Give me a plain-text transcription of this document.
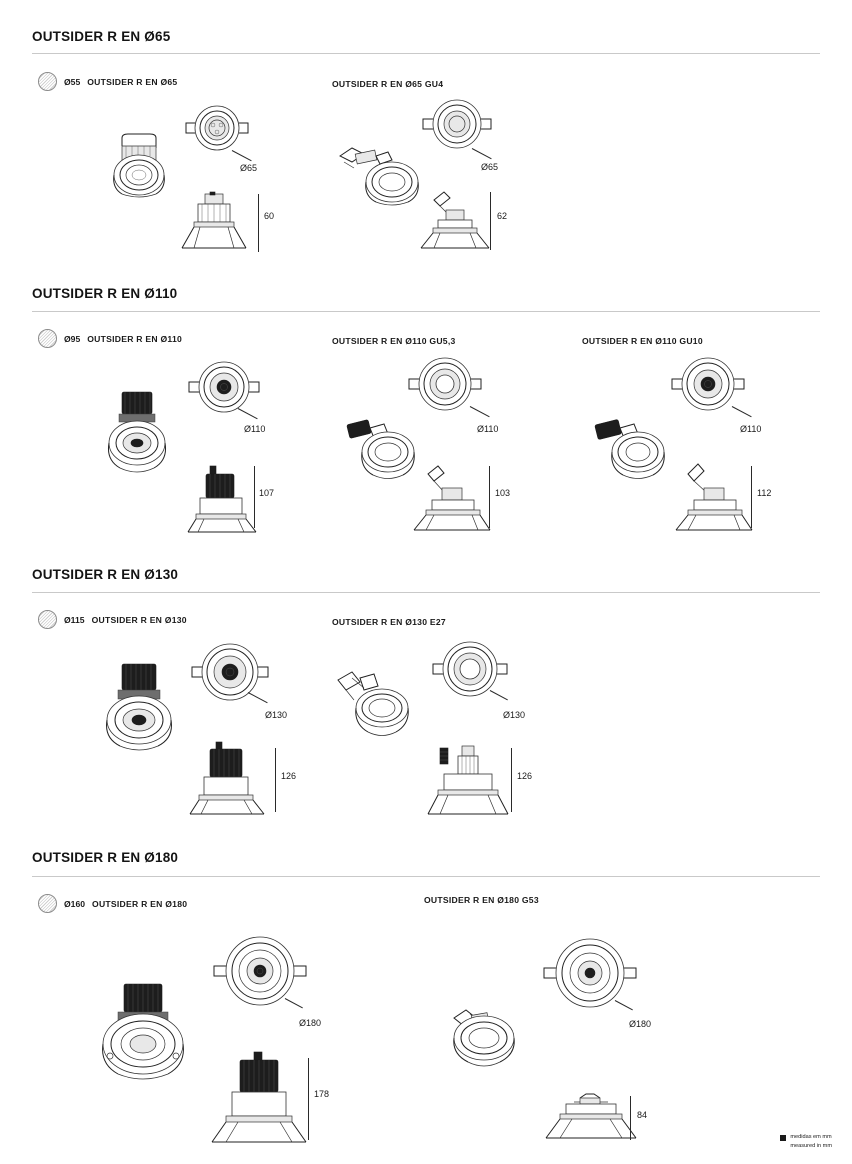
OUTSIDER R EN Ø65
Ø55 OUTSIDER R EN Ø65	OUTSIDER R EN Ø65 GU4
Ø65
60
Ø65
62
OUTSIDER R EN Ø110
Ø95 OUTSIDER R EN Ø110	OUTSIDER R EN Ø110 GU5,3	OUTSIDER R EN Ø110 GU10
Ø110
107
Ø110
103
Ø110
112
OUTSIDER R EN Ø130
Ø115 OUTSIDER R EN Ø130	OUTSIDER R EN Ø130 E27
Ø130
126
Ø130
126
OUTSIDER R EN Ø180
Ø160 OUTSIDER R EN Ø180	OUTSIDER R EN Ø180 G53
Ø180
178
Ø180
84
medidas em mm
measured in mm
